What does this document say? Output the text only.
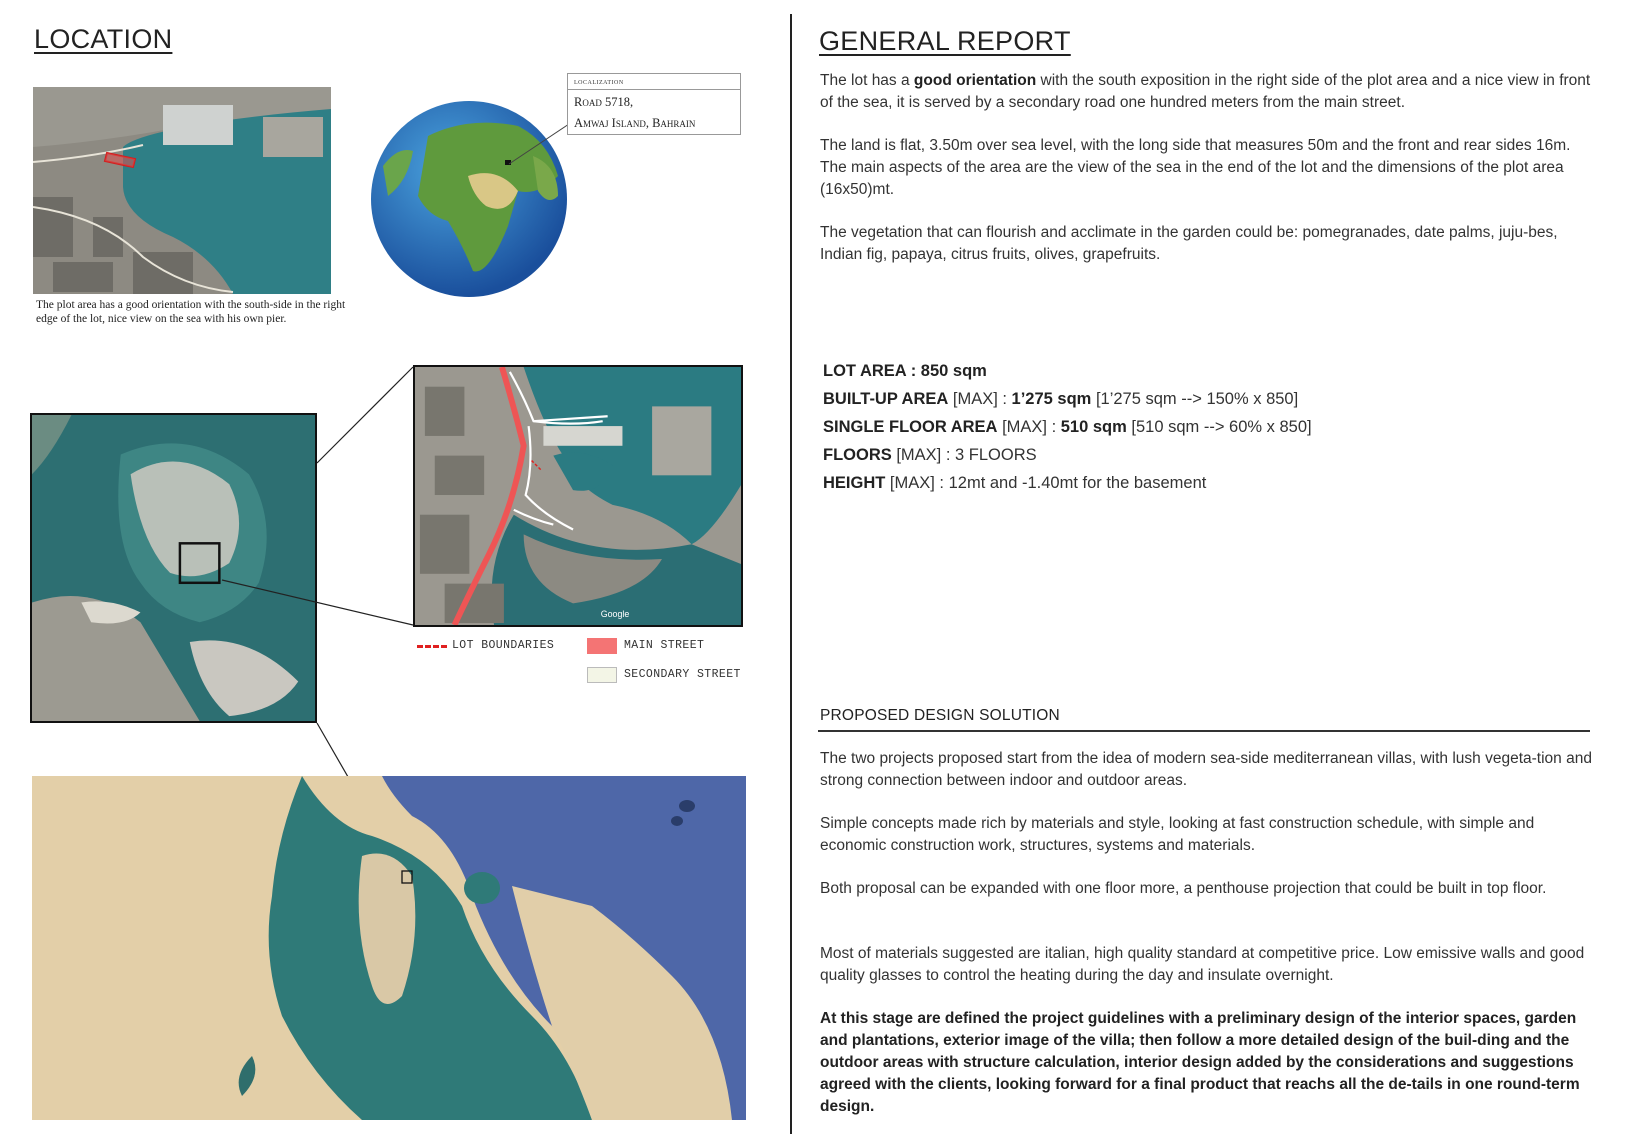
LOCATION
The plot area has a good orientation with the south-side in the right edge of the lot, nice view on the sea with his own pier.
localization
Road 5718,
Amwaj Island, Bahrain
Google
LOT BOUNDARIES	MAIN STREET
SECONDARY STREET
GENERAL REPORT
The lot has a good orientation with the south exposition in the right side of the plot area and a nice view in front of the sea, it is served by a secondary road one hundred meters from the main street.
The land is flat, 3.50m over sea level, with the long side that measures 50m and the front and rear sides 16m. The main aspects of the area are the view of the sea in the end of the lot and the dimensions of the plot area (16x50)mt.
The vegetation that can flourish and acclimate in the garden could be: pomegranades, date palms, juju-bes, Indian fig, papaya, citrus fruits, olives, grapefruits.
LOT AREA : 850 sqm
BUILT-UP AREA [MAX] : 1’275 sqm [1’275 sqm --> 150% x 850]
SINGLE FLOOR AREA [MAX] : 510 sqm [510 sqm --> 60% x 850]
FLOORS [MAX] : 3 FLOORS
HEIGHT [MAX] : 12mt and -1.40mt for the basement
PROPOSED DESIGN SOLUTION
The two projects proposed start from the idea of modern sea-side mediterranean villas, with lush vegeta-tion and strong connection between indoor and outdoor areas.
Simple concepts made rich by materials and style, looking at fast construction schedule, with simple and economic construction work, structures, systems and materials.
Both proposal can be expanded with one floor more, a penthouse projection that could be built in top floor.
Most of materials suggested are italian, high quality standard at competitive price. Low emissive walls and good quality glasses to control the heating during the day and insulate overnight.
At this stage are defined the project guidelines with a preliminary design of the interior spaces, garden and plantations, exterior image of the villa; then follow a more detailed design of the buil-ding and the outdoor areas with structure calculation, interior design added by the considerations and suggestions agreed with the clients, looking forward for a final product that reachs all the de-tails in one round-term design.
